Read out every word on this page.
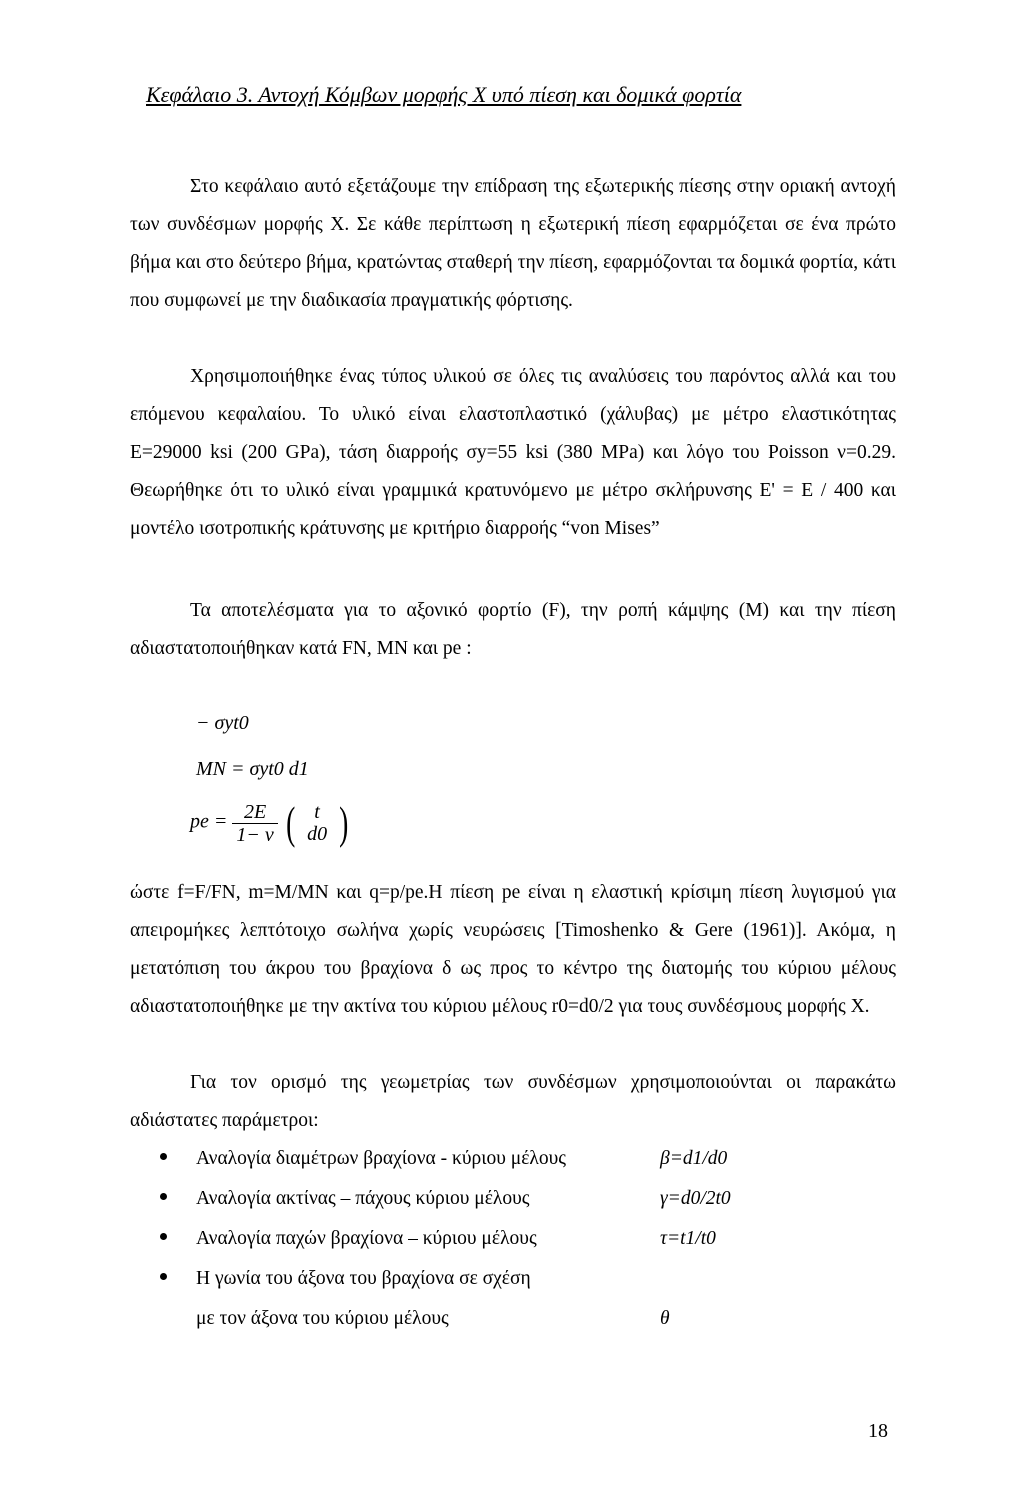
Κεφάλαιο 3. Αντοχή Κόμβων μορφής Χ υπό πίεση και δομικά φορτία
Στο κεφάλαιο αυτό εξετάζουμε την επίδραση της εξωτερικής πίεσης στην οριακή αντοχή των συνδέσμων μορφής Χ. Σε κάθε περίπτωση η εξωτερική πίεση εφαρμόζεται σε ένα πρώτο βήμα και στο δεύτερο βήμα, κρατώντας σταθερή την πίεση, εφαρμόζονται τα δομικά φορτία, κάτι που συμφωνεί με την διαδικασία πραγματικής φόρτισης.
Χρησιμοποιήθηκε ένας τύπος υλικού σε όλες τις αναλύσεις του παρόντος αλλά και του επόμενου κεφαλαίου. Το υλικό είναι ελαστοπλαστικό (χάλυβας) με μέτρο ελαστικότητας E=29000 ksi (200 GPa), τάση διαρροής σy=55 ksi (380 MPa) και λόγο του Poisson ν=0.29. Θεωρήθηκε ότι το υλικό είναι γραμμικά κρατυνόμενο με μέτρο σκλήρυνσης E' = E / 400 και μοντέλο ισοτροπικής κράτυνσης με κριτήριο διαρροής “von Mises”
Τα αποτελέσματα για το αξονικό φορτίο (F), την ροπή κάμψης (Μ) και την πίεση αδιαστατοποιήθηκαν κατά FN, MN και pe :
− σyt0
MN = σyt0 d1
pe = $\frac{2E}{1- \nu}$ ( t
d0 )
ώστε f=F/FN, m=M/MN και q=p/pe.Η πίεση pe είναι η ελαστική κρίσιμη πίεση λυγισμού για απειρομήκες λεπτότοιχο σωλήνα χωρίς νευρώσεις [Timoshenko & Gere (1961)]. Ακόμα, η μετατόπιση του άκρου του βραχίονα δ ως προς το κέντρο της διατομής του κύριου μέλους αδιαστατοποιήθηκε με την ακτίνα του κύριου μέλους r0=d0/2 για τους συνδέσμους μορφής Χ.
Για τον ορισμό της γεωμετρίας των συνδέσμων χρησιμοποιούνται οι παρακάτω αδιάστατες παράμετροι:
Αναλογία διαμέτρων βραχίονα - κύριου μέλους	β=d1/d0
Αναλογία ακτίνας – πάχους κύριου μέλους	γ=d0/2t0
Αναλογία παχών βραχίονα – κύριου μέλους	τ=t1/t0
Η γωνία του άξονα του βραχίονα σε σχέση
με τον άξονα του κύριου μέλους	θ
18
